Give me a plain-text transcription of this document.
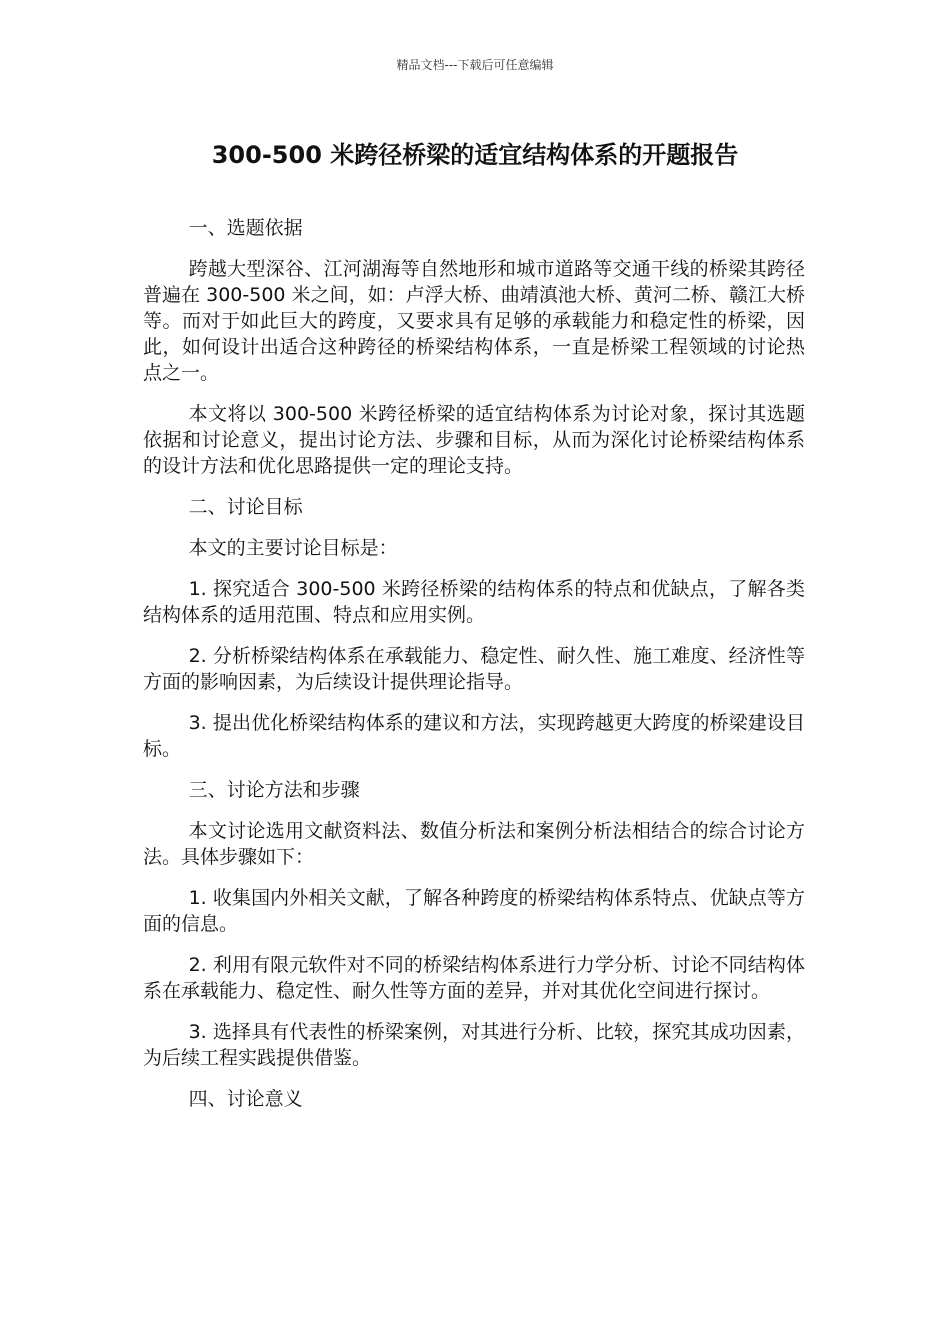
精品文档---下载后可任意编辑
300-500 米跨径桥梁的适宜结构体系的开题报告

一、选题依据

跨越大型深谷、江河湖海等自然地形和城市道路等交通干线的桥梁其跨径普遍在 300-500 米之间，如：卢浮大桥、曲靖滇池大桥、黄河二桥、赣江大桥等。而对于如此巨大的跨度，又要求具有足够的承载能力和稳定性的桥梁，因此，如何设计出适合这种跨径的桥梁结构体系，一直是桥梁工程领域的讨论热点之一。

本文将以 300-500 米跨径桥梁的适宜结构体系为讨论对象，探讨其选题依据和讨论意义，提出讨论方法、步骤和目标，从而为深化讨论桥梁结构体系的设计方法和优化思路提供一定的理论支持。

二、讨论目标

本文的主要讨论目标是：

1. 探究适合 300-500 米跨径桥梁的结构体系的特点和优缺点，了解各类结构体系的适用范围、特点和应用实例。

2. 分析桥梁结构体系在承载能力、稳定性、耐久性、施工难度、经济性等方面的影响因素，为后续设计提供理论指导。

3. 提出优化桥梁结构体系的建议和方法，实现跨越更大跨度的桥梁建设目标。

三、讨论方法和步骤

本文讨论选用文献资料法、数值分析法和案例分析法相结合的综合讨论方法。具体步骤如下：

1. 收集国内外相关文献，了解各种跨度的桥梁结构体系特点、优缺点等方面的信息。

2. 利用有限元软件对不同的桥梁结构体系进行力学分析、讨论不同结构体系在承载能力、稳定性、耐久性等方面的差异，并对其优化空间进行探讨。

3. 选择具有代表性的桥梁案例，对其进行分析、比较，探究其成功因素，为后续工程实践提供借鉴。

四、讨论意义
